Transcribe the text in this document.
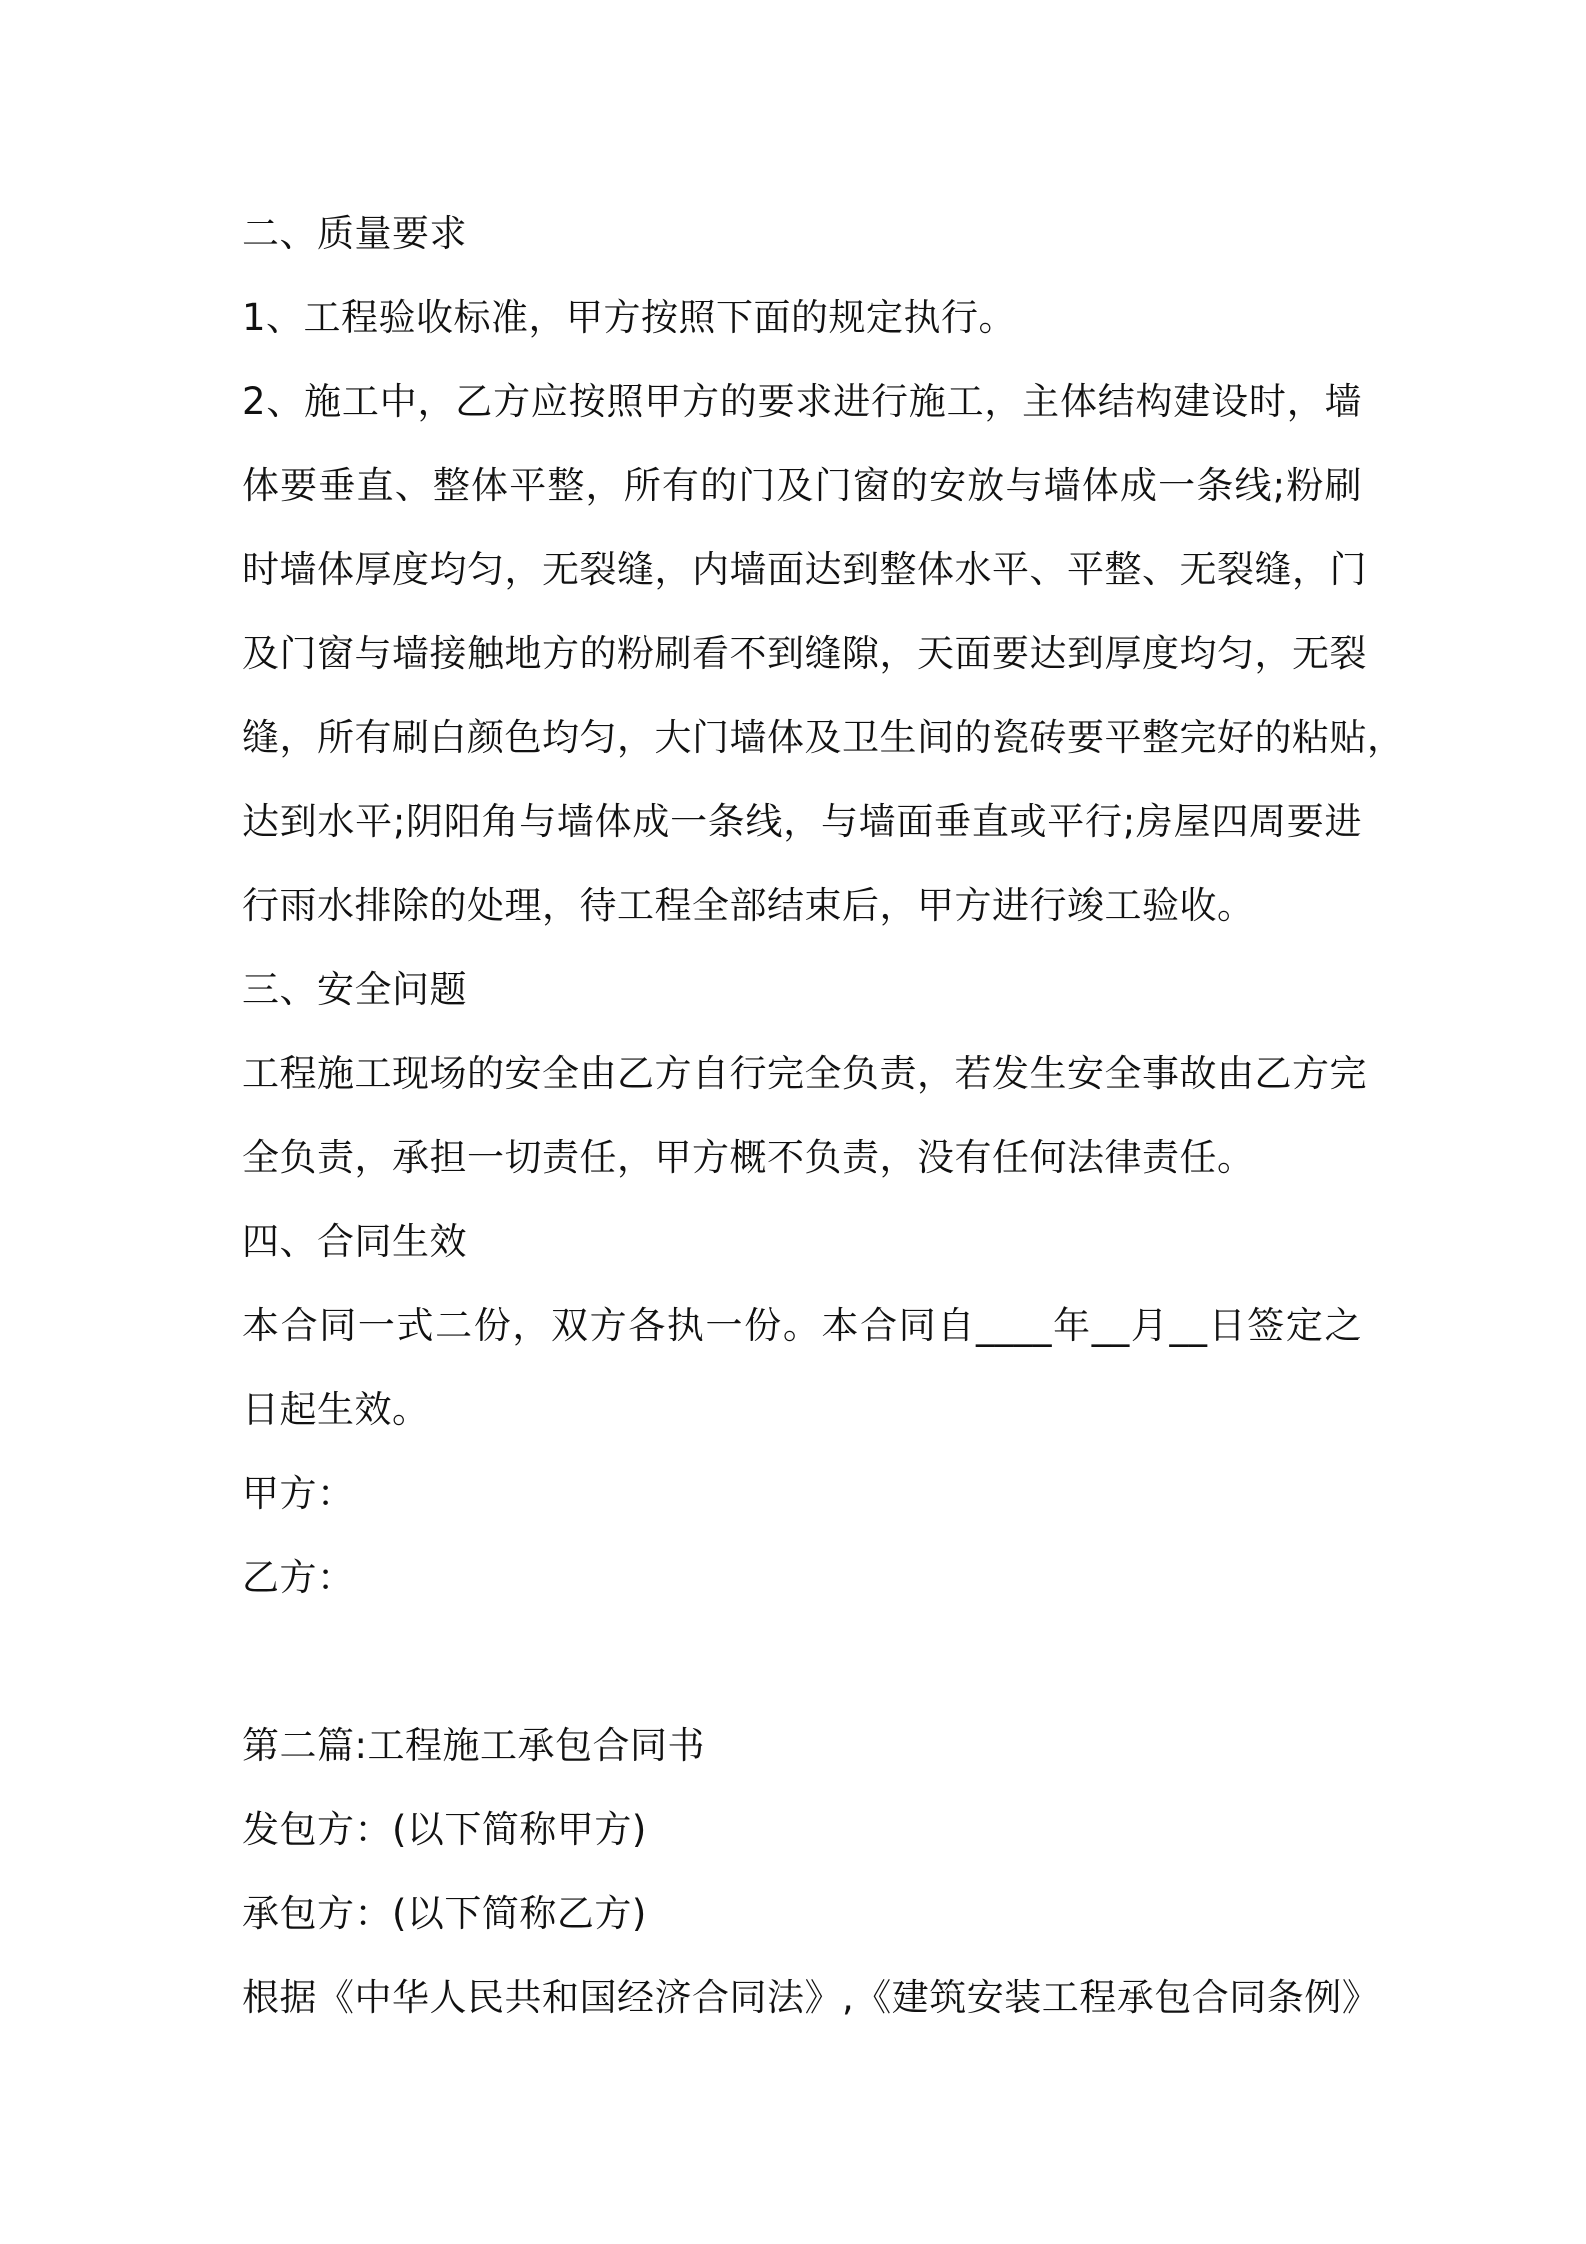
二、质量要求
1、工程验收标准，甲方按照下面的规定执行。
2、施工中，乙方应按照甲方的要求进行施工，主体结构建设时，墙
体要垂直、整体平整，所有的门及门窗的安放与墙体成一条线;粉刷
时墙体厚度均匀，无裂缝，内墙面达到整体水平、平整、无裂缝，门
及门窗与墙接触地方的粉刷看不到缝隙，天面要达到厚度均匀，无裂
缝，所有刷白颜色均匀，大门墙体及卫生间的瓷砖要平整完好的粘贴，
达到水平;阴阳角与墙体成一条线，与墙面垂直或平行;房屋四周要进
行雨水排除的处理，待工程全部结束后，甲方进行竣工验收。
三、安全问题
工程施工现场的安全由乙方自行完全负责，若发生安全事故由乙方完
全负责，承担一切责任，甲方概不负责，没有任何法律责任。
四、合同生效
本合同一式二份，双方各执一份。本合同自____年__月__日签定之
日起生效。
甲方：
乙方：
第二篇:工程施工承包合同书
发包方：(以下简称甲方)
承包方：(以下简称乙方)
根据《中华人民共和国经济合同法》,《建筑安装工程承包合同条例》
